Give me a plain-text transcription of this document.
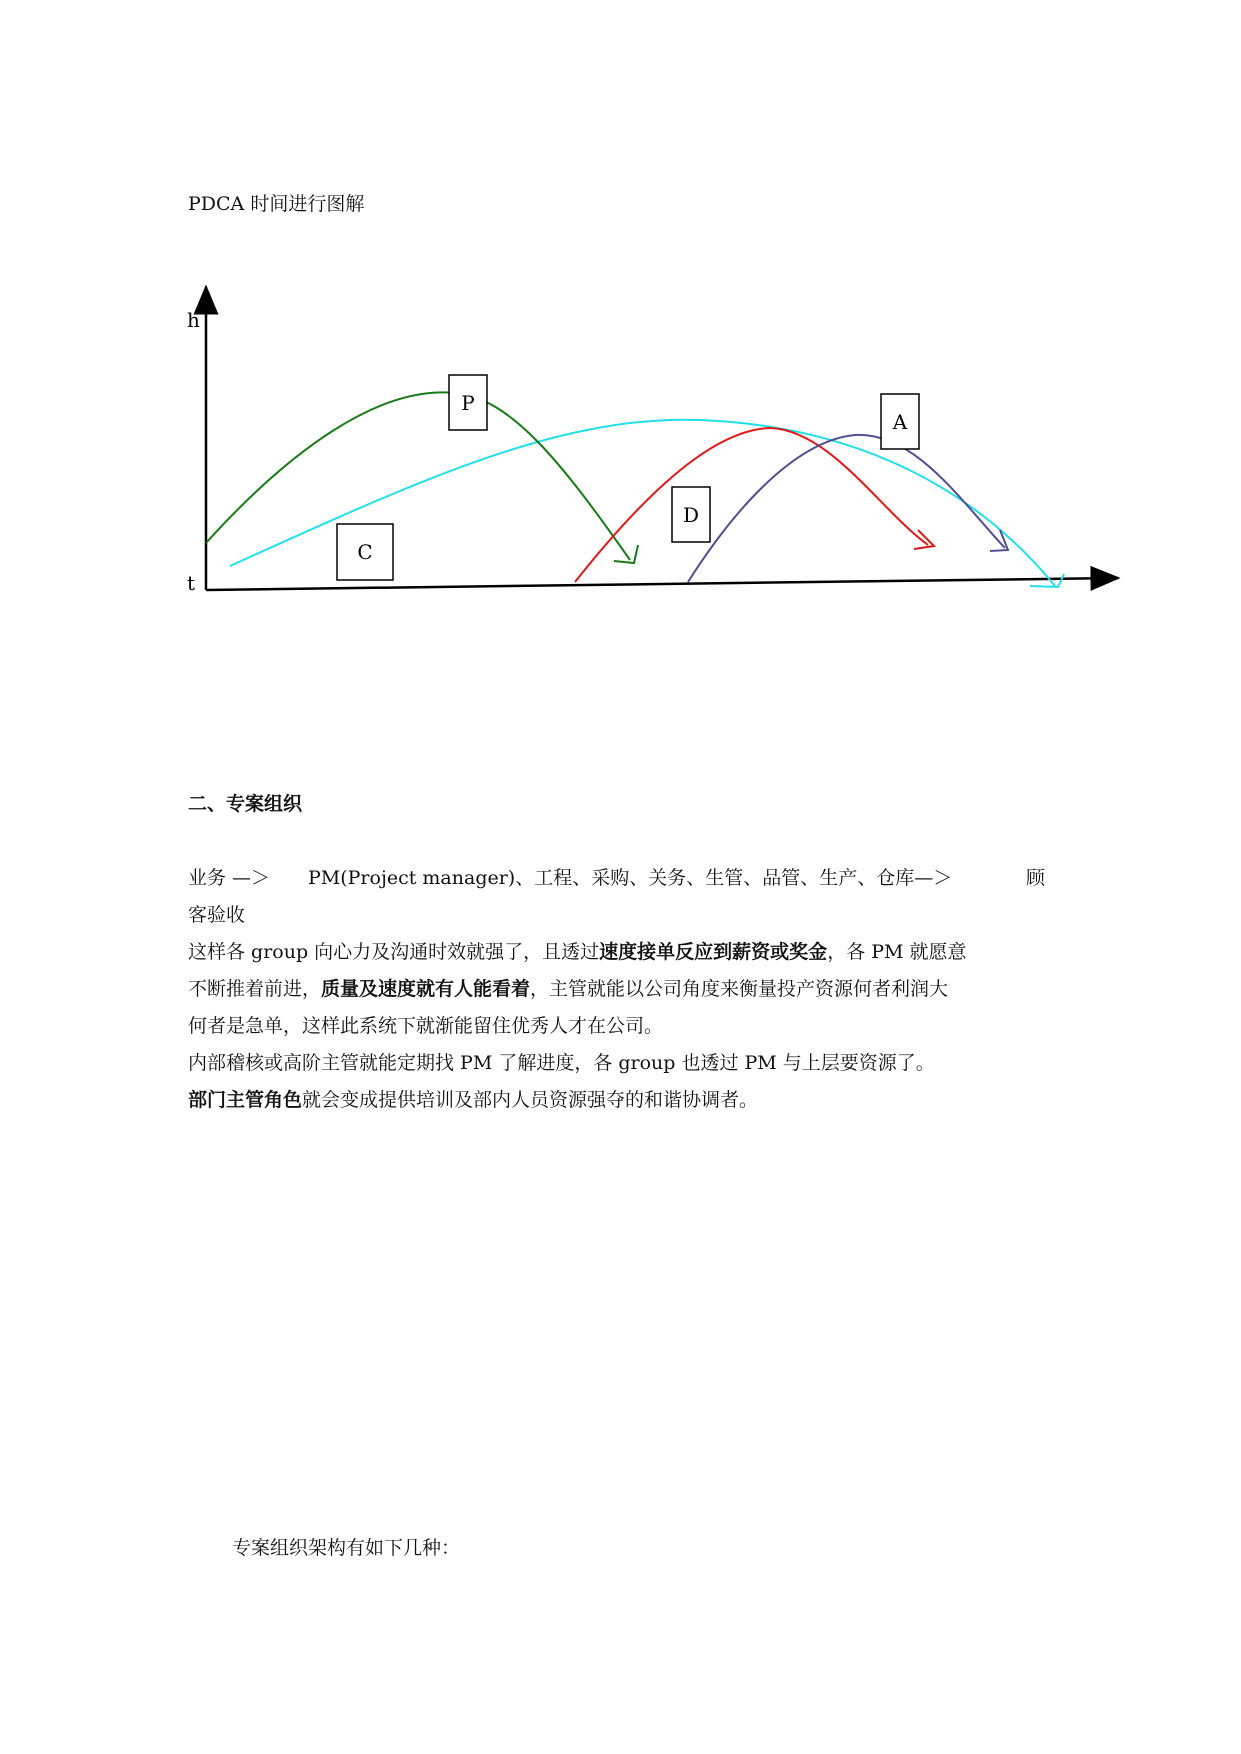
PDCA 时间进行图解
h
t
P
A
D
C
二、专案组织
业务 —＞ PM(Project manager)、工程、采购、关务、生管、品管、生产、仓库—＞	顾
客验收
这样各 group 向心力及沟通时效就强了，且透过速度接单反应到薪资或奖金，各 PM 就愿意
不断推着前进，质量及速度就有人能看着，主管就能以公司角度来衡量投产资源何者利润大
何者是急单，这样此系统下就渐能留住优秀人才在公司。
内部稽核或高阶主管就能定期找 PM 了解进度，各 group 也透过 PM 与上层要资源了。
部门主管角色就会变成提供培训及部内人员资源强夺的和谐协调者。
专案组织架构有如下几种：
